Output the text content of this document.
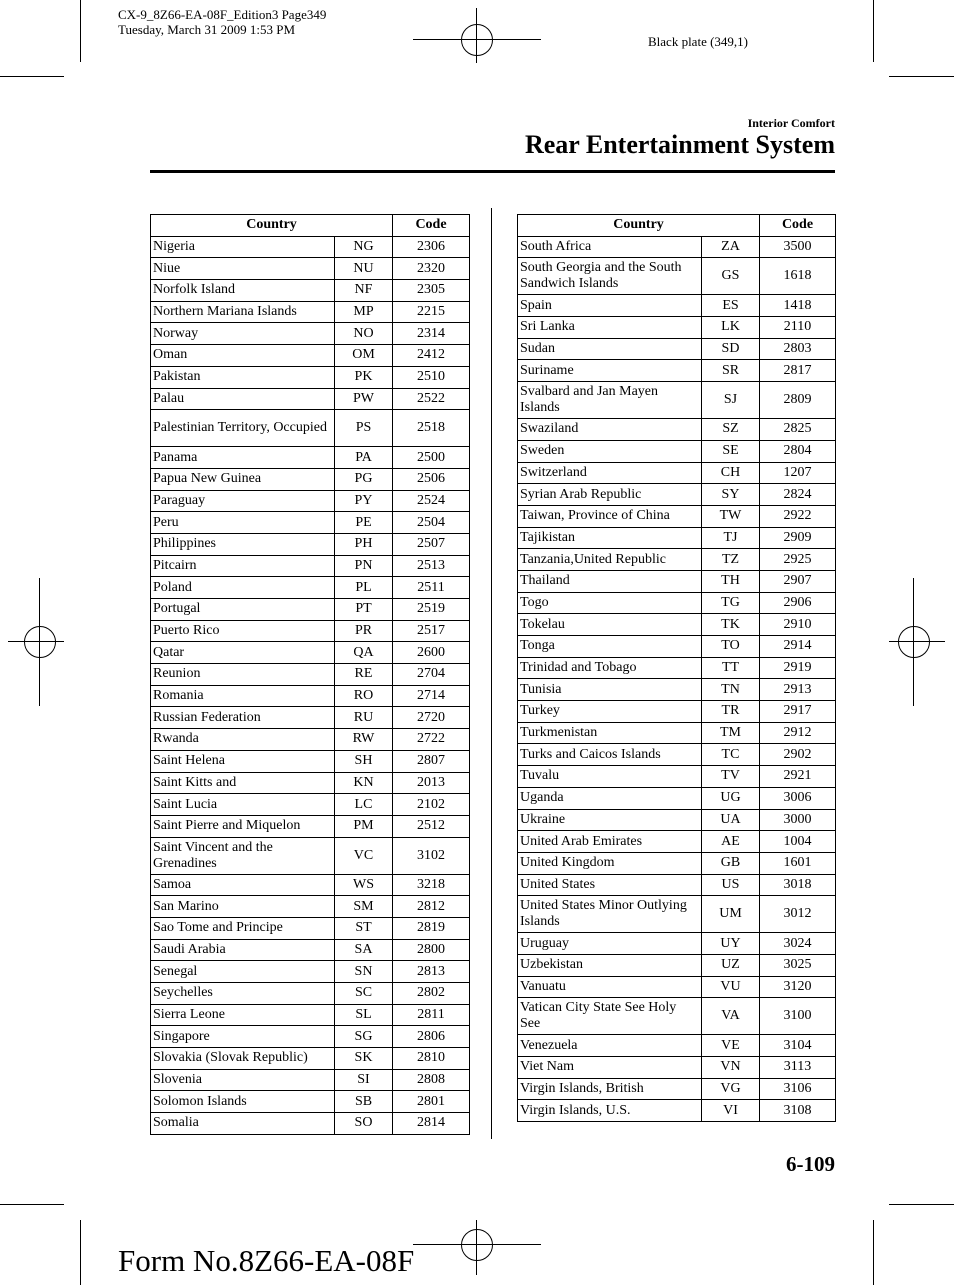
CX-9_8Z66-EA-08F_Edition3 Page349
Tuesday, March 31 2009 1:53 PM
Black plate (349,1)
Interior Comfort
Rear Entertainment System
Country		Code
Nigeria	NG	2306
Niue	NU	2320
Norfolk Island	NF	2305
Northern Mariana Islands	MP	2215
Norway	NO	2314
Oman	OM	2412
Pakistan	PK	2510
Palau	PW	2522
Palestinian Territory, Occupied	PS	2518
Panama	PA	2500
Papua New Guinea	PG	2506
Paraguay	PY	2524
Peru	PE	2504
Philippines	PH	2507
Pitcairn	PN	2513
Poland	PL	2511
Portugal	PT	2519
Puerto Rico	PR	2517
Qatar	QA	2600
Reunion	RE	2704
Romania	RO	2714
Russian Federation	RU	2720
Rwanda	RW	2722
Saint Helena	SH	2807
Saint Kitts and	KN	2013
Saint Lucia	LC	2102
Saint Pierre and Miquelon	PM	2512
Saint Vincent and the Grenadines	VC	3102
Samoa	WS	3218
San Marino	SM	2812
Sao Tome and Principe	ST	2819
Saudi Arabia	SA	2800
Senegal	SN	2813
Seychelles	SC	2802
Sierra Leone	SL	2811
Singapore	SG	2806
Slovakia (Slovak Republic)	SK	2810
Slovenia	SI	2808
Solomon Islands	SB	2801
Somalia	SO	2814
Country		Code
South Africa	ZA	3500
South Georgia and the South Sandwich Islands	GS	1618
Spain	ES	1418
Sri Lanka	LK	2110
Sudan	SD	2803
Suriname	SR	2817
Svalbard and Jan Mayen Islands	SJ	2809
Swaziland	SZ	2825
Sweden	SE	2804
Switzerland	CH	1207
Syrian Arab Republic	SY	2824
Taiwan, Province of China	TW	2922
Tajikistan	TJ	2909
Tanzania,United Republic	TZ	2925
Thailand	TH	2907
Togo	TG	2906
Tokelau	TK	2910
Tonga	TO	2914
Trinidad and Tobago	TT	2919
Tunisia	TN	2913
Turkey	TR	2917
Turkmenistan	TM	2912
Turks and Caicos Islands	TC	2902
Tuvalu	TV	2921
Uganda	UG	3006
Ukraine	UA	3000
United Arab Emirates	AE	1004
United Kingdom	GB	1601
United States	US	3018
United States Minor Outlying Islands	UM	3012
Uruguay	UY	3024
Uzbekistan	UZ	3025
Vanuatu	VU	3120
Vatican City State See Holy See	VA	3100
Venezuela	VE	3104
Viet Nam	VN	3113
Virgin Islands, British	VG	3106
Virgin Islands, U.S.	VI	3108
6-109
Form No.8Z66-EA-08F
